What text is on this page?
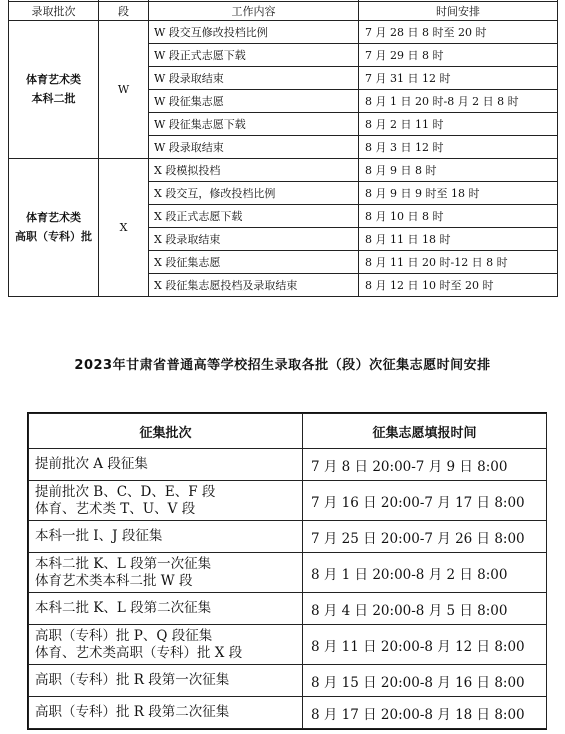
录取批次	段	工作内容	时间安排

体育艺术类
本科二批	W	W 段交互修改投档比例	7 月 28 日 8 时至 20 时
		W 段正式志愿下载	7 月 29 日 8 时
		W 段录取结束	7 月 31 日 12 时
		W 段征集志愿	8 月 1 日 20 时-8 月 2 日 8 时
		W 段征集志愿下载	8 月 2 日 11 时
		W 段录取结束	8 月 3 日 12 时

体育艺术类
高职（专科）批	X	X 段模拟投档	8 月 9 日 8 时
		X 段交互，修改投档比例	8 月 9 日 9 时至 18 时
		X 段正式志愿下载	8 月 10 日 8 时
		X 段录取结束	8 月 11 日 18 时
		X 段征集志愿	8 月 11 日 20 时-12 日 8 时
		X 段征集志愿投档及录取结束	8 月 12 日 10 时至 20 时
2023年甘肃省普通高等学校招生录取各批（段）次征集志愿时间安排
征集批次	征集志愿填报时间

提前批次 A 段征集	7 月 8 日 20:00-7 月 9 日 8:00

提前批次 B、C、D、E、F 段
体育、艺术类 T、U、V 段	7 月 16 日 20:00-7 月 17 日 8:00

本科一批 I、J 段征集	7 月 25 日 20:00-7 月 26 日 8:00

本科二批 K、L 段第一次征集
体育艺术类本科二批 W 段	8 月 1 日 20:00-8 月 2 日 8:00

本科二批 K、L 段第二次征集	8 月 4 日 20:00-8 月 5 日 8:00

高职（专科）批 P、Q 段征集
体育、艺术类高职（专科）批 X 段	8 月 11 日 20:00-8 月 12 日 8:00

高职（专科）批 R 段第一次征集	8 月 15 日 20:00-8 月 16 日 8:00

高职（专科）批 R 段第二次征集	8 月 17 日 20:00-8 月 18 日 8:00
